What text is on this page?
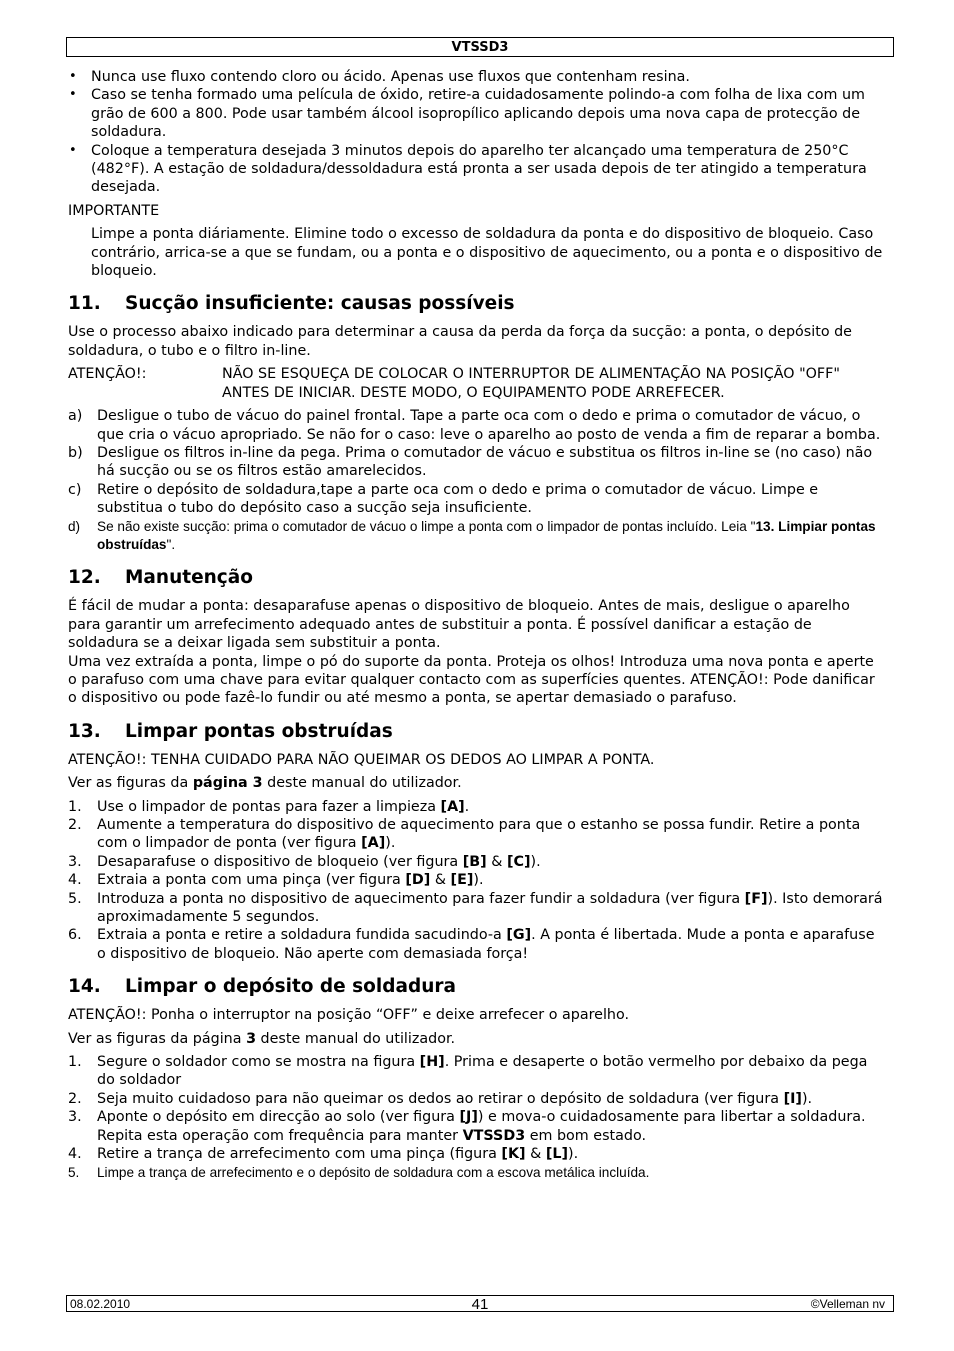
VTSSD3
• Nunca use fluxo contendo cloro ou ácido. Apenas use fluxos que contenham resina.
• Caso se tenha formado uma película de óxido, retire-a cuidadosamente polindo-a com folha de lixa com um grão de 600 a 800. Pode usar também álcool isopropílico aplicando depois uma nova capa de protecção de soldadura.
• Coloque a temperatura desejada 3 minutos depois do aparelho ter alcançado uma temperatura de 250°C (482°F). A estação de soldadura/dessoldadura está pronta a ser usada depois de ter atingido a temperatura desejada.

IMPORTANTE

Limpe a ponta diáriamente. Elimine todo o excesso de soldadura da ponta e do dispositivo de bloqueio. Caso contrário, arrica-se a que se fundam, ou a ponta e o dispositivo de aquecimento, ou a ponta e o dispositivo de bloqueio.

11. Sucção insuficiente: causas possíveis

Use o processo abaixo indicado para determinar a causa da perda da força da sucção: a ponta, o depósito de soldadura, o tubo e o filtro in-line.

ATENÇÃO!:	NÃO SE ESQUEÇA DE COLOCAR O INTERRUPTOR DE ALIMENTAÇÃO NA POSIÇÃO "OFF" ANTES DE INICIAR. DESTE MODO, O EQUIPAMENTO PODE ARREFECER.
a) Desligue o tubo de vácuo do painel frontal. Tape a parte oca com o dedo e prima o comutador de vácuo, o que cria o vácuo apropriado. Se não for o caso: leve o aparelho ao posto de venda a fim de reparar a bomba.
b) Desligue os filtros in-line da pega. Prima o comutador de vácuo e substitua os filtros in-line se (no caso) não há sucção ou se os filtros estão amarelecidos.
c) Retire o depósito de soldadura,tape a parte oca com o dedo e prima o comutador de vácuo. Limpe e substitua o tubo do depósito caso a sucção seja insuficiente.
d) Se não existe sucção: prima o comutador de vácuo o limpe a ponta com o limpador de pontas incluído. Leia "13. Limpiar pontas obstruídas".
12. Manutenção

É fácil de mudar a ponta: desaparafuse apenas o dispositivo de bloqueio. Antes de mais, desligue o aparelho para garantir um arrefecimento adequado antes de substituir a ponta. É possível danificar a estação de soldadura se a deixar ligada sem substituir a ponta.

Uma vez extraída a ponta, limpe o pó do suporte da ponta. Proteja os olhos! Introduza uma nova ponta e aperte o parafuso com uma chave para evitar qualquer contacto com as superfícies quentes. ATENÇÃO!: Pode danificar o dispositivo ou pode fazê-lo fundir ou até mesmo a ponta, se apertar demasiado o parafuso.

13. Limpar pontas obstruídas

ATENÇÃO!: TENHA CUIDADO PARA NÃO QUEIMAR OS DEDOS AO LIMPAR A PONTA.

Ver as figuras da página 3 deste manual do utilizador.

1. Use o limpador de pontas para fazer a limpieza [A].
2. Aumente a temperatura do dispositivo de aquecimento para que o estanho se possa fundir. Retire a ponta com o limpador de ponta (ver figura [A]).
3. Desaparafuse o dispositivo de bloqueio (ver figura [B] & [C]).
4. Extraia a ponta com uma pinça (ver figura [D] & [E]).
5. Introduza a ponta no dispositivo de aquecimento para fazer fundir a soldadura (ver figura [F]). Isto demorará aproximadamente 5 segundos.
6. Extraia a ponta e retire a soldadura fundida sacudindo-a [G]. A ponta é libertada. Mude a ponta e aparafuse o dispositivo de bloqueio. Não aperte com demasiada força!
14. Limpar o depósito de soldadura

ATENÇÃO!: Ponha o interruptor na posição “OFF” e deixe arrefecer o aparelho.

Ver as figuras da página 3 deste manual do utilizador.

1. Segure o soldador como se mostra na figura [H]. Prima e desaperte o botão vermelho por debaixo da pega do soldador
2. Seja muito cuidadoso para não queimar os dedos ao retirar o depósito de soldadura (ver figura [I]).
3. Aponte o depósito em direcção ao solo (ver figura [J]) e mova-o cuidadosamente para libertar a soldadura. Repita esta operação com frequência para manter VTSSD3 em bom estado.
4. Retire a trança de arrefecimento com uma pinça (figura [K] & [L]).
5. Limpe a trança de arrefecimento e o depósito de soldadura com a escova metálica incluída.
08.02.2010	41	©Velleman nv
